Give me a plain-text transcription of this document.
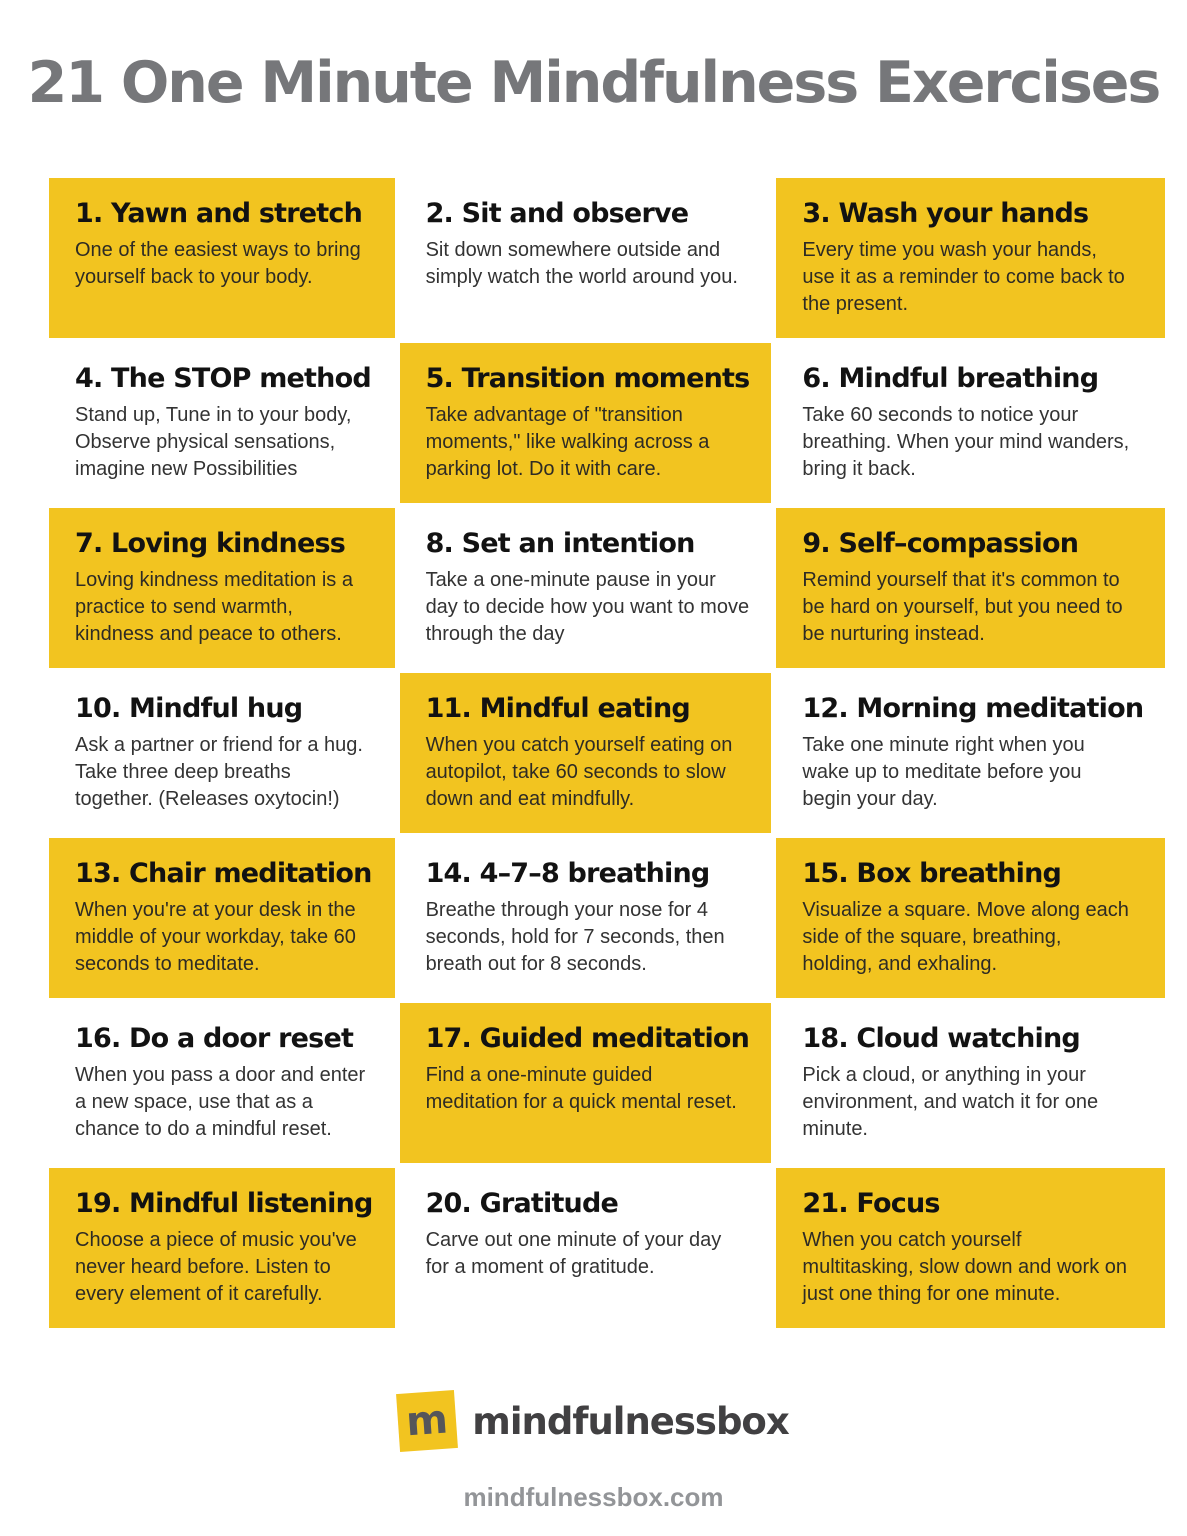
21 One Minute Mindfulness Exercises
1. Yawn and stretch

One of the easiest ways to bring yourself back to your body.

2. Sit and observe

Sit down somewhere outside and simply watch the world around you.

3. Wash your hands

Every time you wash your hands, use it as a reminder to come back to the present.

4. The STOP method

Stand up, Tune in to your body, Observe physical sensations, imagine new Possibilities

5. Transition moments

Take advantage of "transition moments," like walking across a parking lot. Do it with care.

6. Mindful breathing

Take 60 seconds to notice your breathing. When your mind wanders, bring it back.

7. Loving kindness

Loving kindness meditation is a practice to send warmth, kindness and peace to others.

8. Set an intention

Take a one-minute pause in your day to decide how you want to move through the day

9. Self–compassion

Remind yourself that it's common to be hard on yourself, but you need to be nurturing instead.

10. Mindful hug

Ask a partner or friend for a hug. Take three deep breaths together. (Releases oxytocin!)

11. Mindful eating

When you catch yourself eating on autopilot, take 60 seconds to slow down and eat mindfully.

12. Morning meditation

Take one minute right when you wake up to meditate before you begin your day.

13. Chair meditation

When you're at your desk in the middle of your workday, take 60 seconds to meditate.

14. 4–7–8 breathing

Breathe through your nose for 4 seconds, hold for 7 seconds, then breath out for 8 seconds.

15. Box breathing

Visualize a square. Move along each side of the square, breathing, holding, and exhaling.

16. Do a door reset

When you pass a door and enter a new space, use that as a chance to do a mindful reset.

17. Guided meditation

Find a one-minute guided meditation for a quick mental reset.

18. Cloud watching

Pick a cloud, or anything in your environment, and watch it for one minute.

19. Mindful listening

Choose a piece of music you've never heard before. Listen to every element of it carefully.

20. Gratitude

Carve out one minute of your day for a moment of gratitude.

21. Focus

When you catch yourself multitasking, slow down and work on just one thing for one minute.

m mindfulnessbox
mindfulnessbox.com
